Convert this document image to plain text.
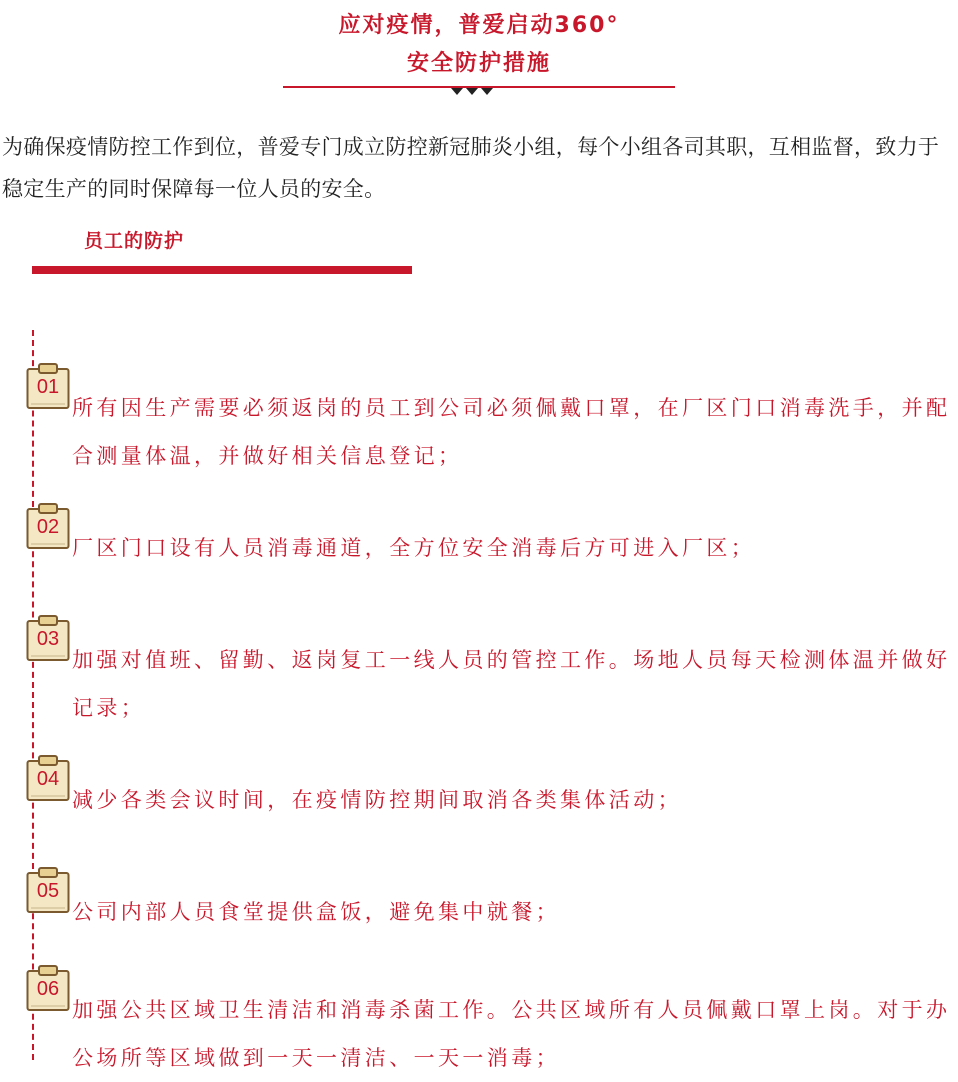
应对疫情，普爱启动360°
安全防护措施
为确保疫情防控工作到位，普爱专门成立防控新冠肺炎小组，每个小组各司其职，互相监督，致力于稳定生产的同时保障每一位人员的安全。
员工的防护
01
所有因生产需要必须返岗的员工到公司必须佩戴口罩，在厂区门口消毒洗手，并配合测量体温，并做好相关信息登记；
02
厂区门口设有人员消毒通道，全方位安全消毒后方可进入厂区；
03
加强对值班、留勤、返岗复工一线人员的管控工作。场地人员每天检测体温并做好记录；
04
减少各类会议时间，在疫情防控期间取消各类集体活动；
05
公司内部人员食堂提供盒饭，避免集中就餐；
06
加强公共区域卫生清洁和消毒杀菌工作。公共区域所有人员佩戴口罩上岗。对于办公场所等区域做到一天一清洁、一天一消毒；
